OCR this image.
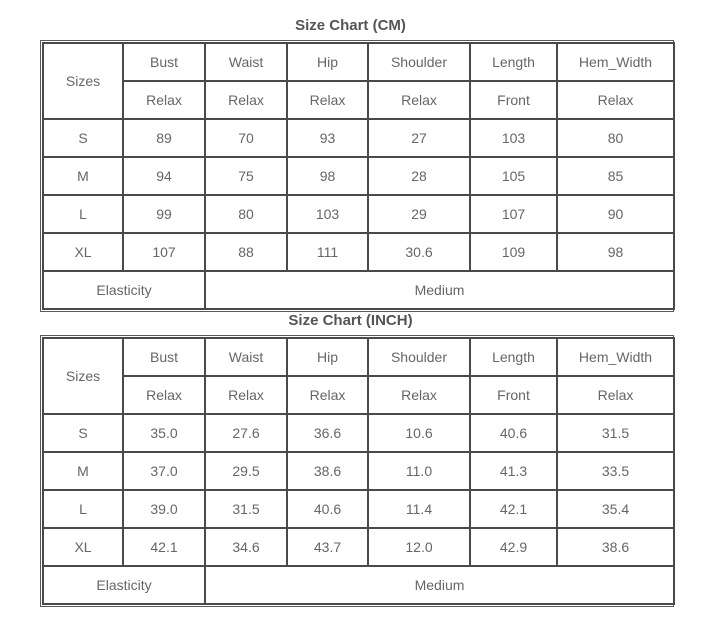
Size Chart (CM)
Sizes	Bust	Waist	Hip	Shoulder	Length	Hem_Width
	Relax	Relax	Relax	Relax	Front	Relax
S	89	70	93	27	103	80
M	94	75	98	28	105	85
L	99	80	103	29	107	90
XL	107	88	111	30.6	109	98
Elasticity		Medium				
Size Chart (INCH)
Sizes	Bust	Waist	Hip	Shoulder	Length	Hem_Width
	Relax	Relax	Relax	Relax	Front	Relax
S	35.0	27.6	36.6	10.6	40.6	31.5
M	37.0	29.5	38.6	11.0	41.3	33.5
L	39.0	31.5	40.6	11.4	42.1	35.4
XL	42.1	34.6	43.7	12.0	42.9	38.6
Elasticity		Medium				
